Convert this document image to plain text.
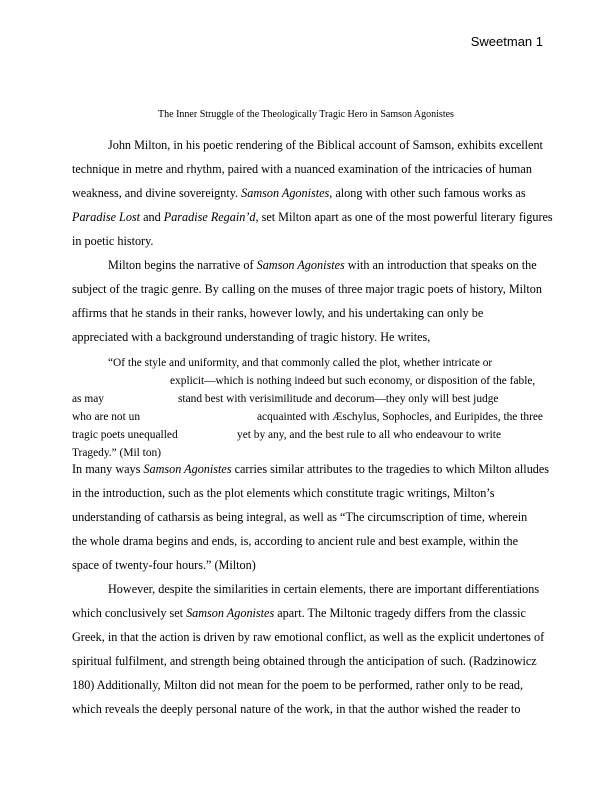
Sweetman 1
The Inner Struggle of the Theologically Tragic Hero in Samson Agonistes
John Milton, in his poetic rendering of the Biblical account of Samson, exhibits excellent
technique in metre and rhythm, paired with a nuanced examination of the intricacies of human
weakness, and divine sovereignty. Samson Agonistes, along with other such famous works as
Paradise Lost and Paradise Regain’d, set Milton apart as one of the most powerful literary figures
in poetic history.
Milton begins the narrative of Samson Agonistes with an introduction that speaks on the
subject of the tragic genre. By calling on the muses of three major tragic poets of history, Milton
affirms that he stands in their ranks, however lowly, and his undertaking can only be
appreciated with a background understanding of tragic history. He writes,
In many ways Samson Agonistes carries similar attributes to the tragedies to which Milton alludes
in the introduction, such as the plot elements which constitute tragic writings, Milton’s
understanding of catharsis as being integral, as well as “The circumscription of time, wherein
the whole drama begins and ends, is, according to ancient rule and best example, within the
space of twenty-four hours.” (Milton)
However, despite the similarities in certain elements, there are important differentiations
which conclusively set Samson Agonistes apart. The Miltonic tragedy differs from the classic
Greek, in that the action is driven by raw emotional conflict, as well as the explicit undertones of
spiritual fulfilment, and strength being obtained through the anticipation of such. (Radzinowicz
180) Additionally, Milton did not mean for the poem to be performed, rather only to be read,
which reveals the deeply personal nature of the work, in that the author wished the reader to
“Of the style and uniformity, and that commonly called the plot, whether intricate or
explicit—which is nothing indeed but such economy, or disposition of the fable,
as may	stand best with verisimilitude and decorum—they only will best judge
who are not un	acquainted with Æschylus, Sophocles, and Euripides, the three
tragic poets unequalled	yet by any, and the best rule to all who endeavour to write
Tragedy.” (Mil ton)
